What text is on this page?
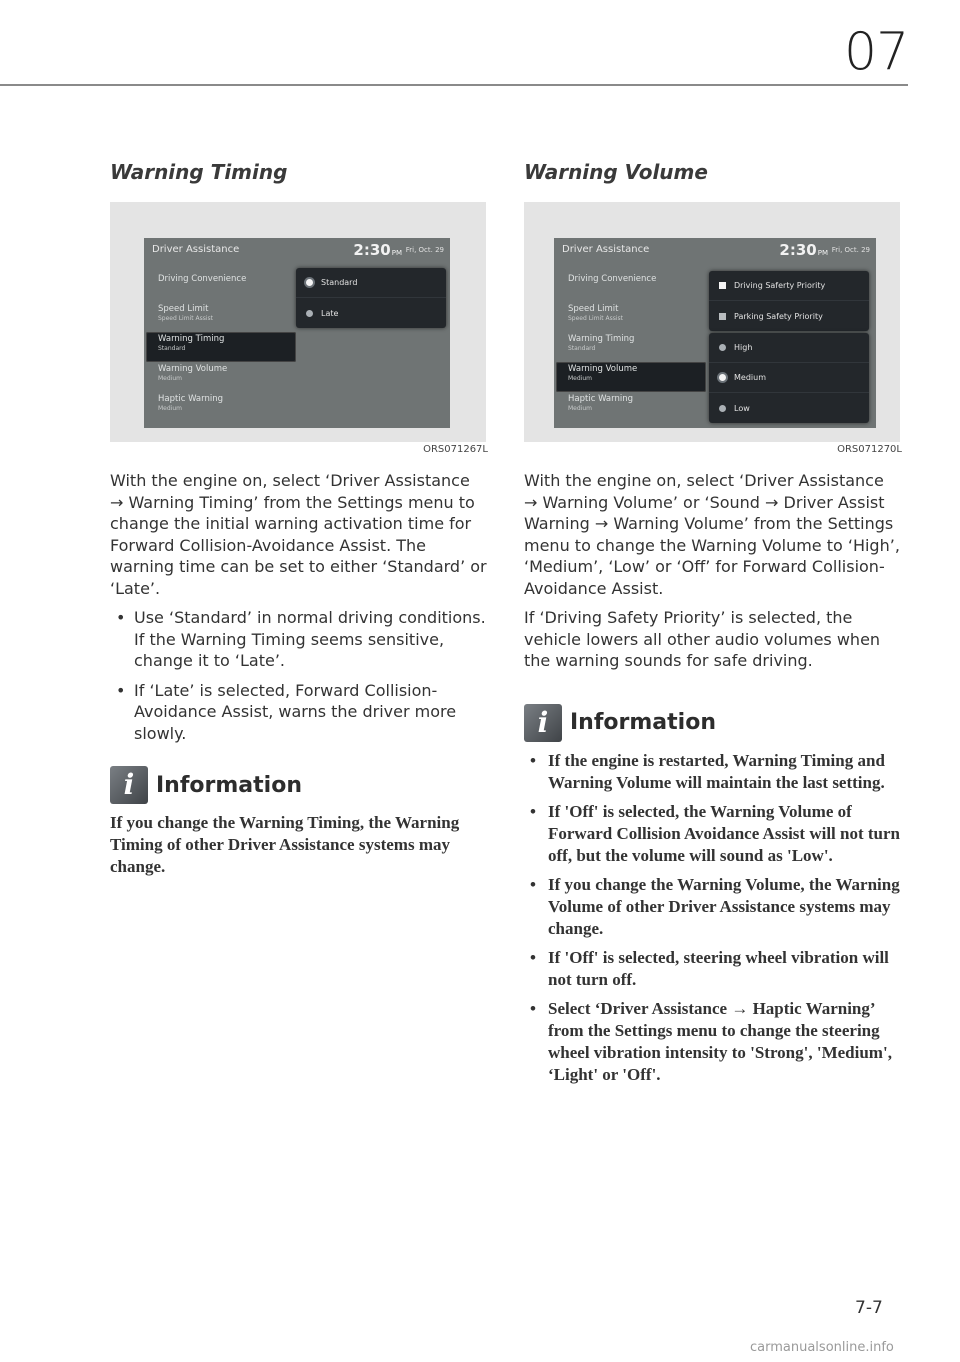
07
Warning Timing
Driver Assistance	2:30PM Fri, Oct. 29
Driving Convenience
Speed Limit
Speed Limit Assist
Warning Timing
Standard
Warning Volume
Medium
Haptic Warning
Medium
Standard
Late
ORS071267L

With the engine on, select ‘Driver Assistance → Warning Timing’ from the Settings menu to change the initial warning activation time for Forward Collision-Avoidance Assist. The warning time can be set to either ‘Standard’ or ‘Late’.

• Use ‘Standard’ in normal driving conditions. If the Warning Timing seems sensitive, change it to ‘Late’.
• If ‘Late’ is selected, Forward Collision-Avoidance Assist, warns the driver more slowly.
i Information
If you change the Warning Timing, the Warning Timing of other Driver Assistance systems may change.
Warning Volume
Driver Assistance	2:30PM Fri, Oct. 29
Driving Convenience
Speed Limit
Speed Limit Assist
Warning Timing
Standard
Warning Volume
Medium
Haptic Warning
Medium
Driving Saferty Priority
Parking Safety Priority
High
Medium
Low
ORS071270L

With the engine on, select ‘Driver Assistance → Warning Volume’ or ‘Sound → Driver Assist Warning → Warning Volume’ from the Settings menu to change the Warning Volume to ‘High’, ‘Medium’, ‘Low’ or ‘Off’ for Forward Collision-Avoidance Assist.

If ‘Driving Safety Priority’ is selected, the vehicle lowers all other audio volumes when the warning sounds for safe driving.

i Information
• If the engine is restarted, Warning Timing and Warning Volume will maintain the last setting.
• If 'Off' is selected, the Warning Volume of Forward Collision Avoidance Assist will not turn off, but the volume will sound as 'Low'.
• If you change the Warning Volume, the Warning Volume of other Driver Assistance systems may change.
• If 'Off' is selected, steering wheel vibration will not turn off.
• Select ‘Driver Assistance → Haptic Warning’ from the Settings menu to change the steering wheel vibration intensity to 'Strong', 'Medium', ‘Light' or 'Off'.
7-7
carmanualsonline.info
